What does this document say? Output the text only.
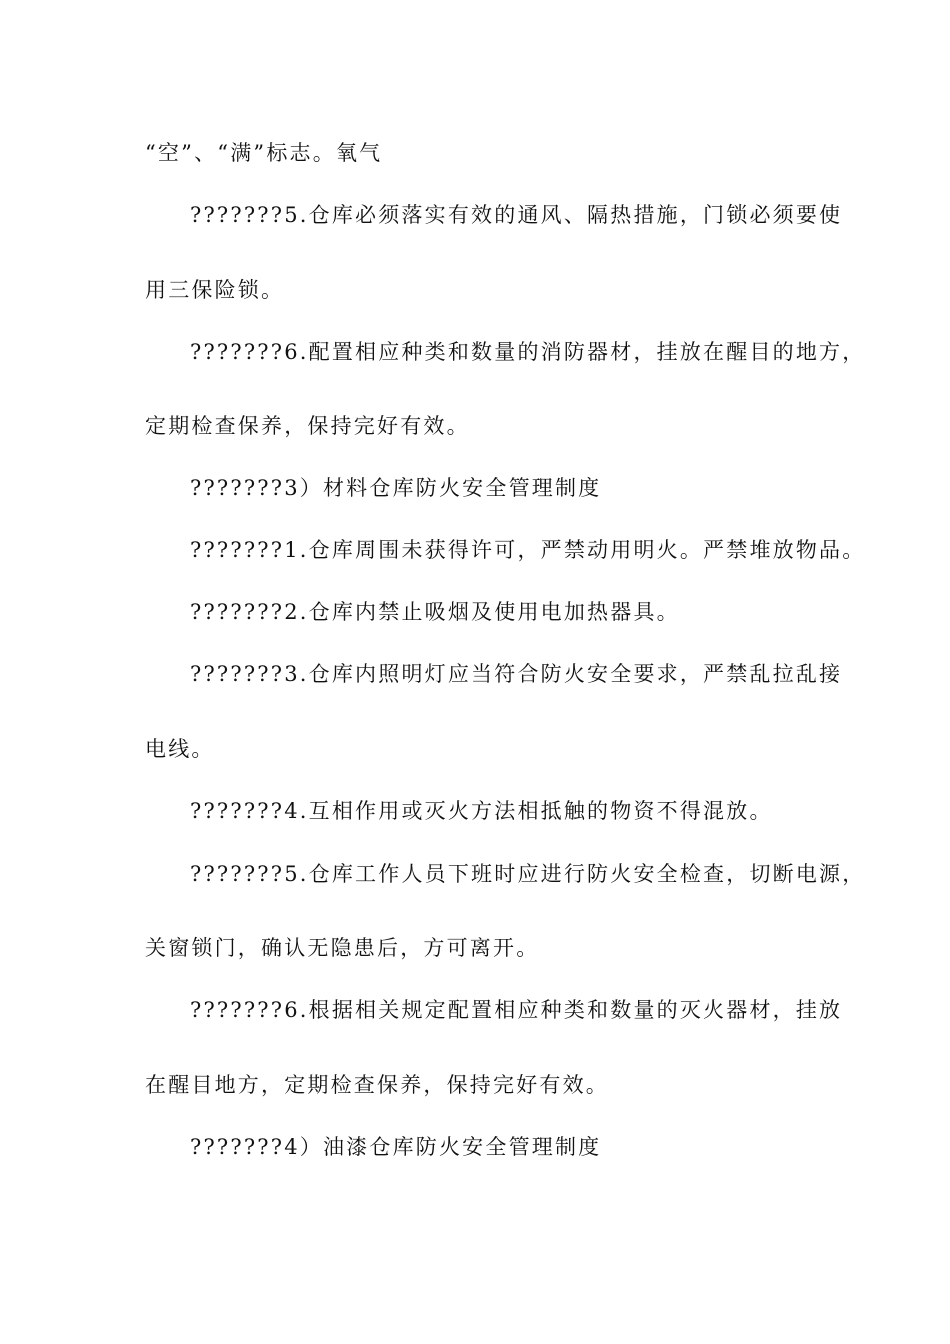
“空”、“满”标志。氧气
???????5.仓库必须落实有效的通风、隔热措施，门锁必须要使
用三保险锁。
???????6.配置相应种类和数量的消防器材，挂放在醒目的地方，
定期检查保养，保持完好有效。
???????3）材料仓库防火安全管理制度
???????1.仓库周围未获得许可，严禁动用明火。严禁堆放物品。
???????2.仓库内禁止吸烟及使用电加热器具。
???????3.仓库内照明灯应当符合防火安全要求，严禁乱拉乱接
电线。
???????4.互相作用或灭火方法相抵触的物资不得混放。
???????5.仓库工作人员下班时应进行防火安全检查，切断电源，
关窗锁门，确认无隐患后，方可离开。
???????6.根据相关规定配置相应种类和数量的灭火器材，挂放
在醒目地方，定期检查保养，保持完好有效。
???????4）油漆仓库防火安全管理制度
